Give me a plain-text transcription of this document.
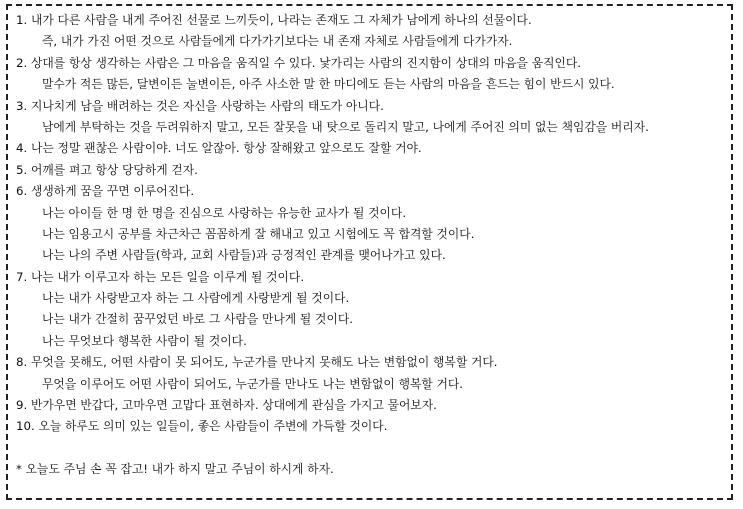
1. 내가 다른 사람을 내게 주어진 선물로 느끼듯이, 나라는 존재도 그 자체가 남에게 하나의 선물이다.
즉, 내가 가진 어떤 것으로 사람들에게 다가가기보다는 내 존재 자체로 사람들에게 다가가자.
2. 상대를 항상 생각하는 사람은 그 마음을 움직일 수 있다. 낯가리는 사람의 진지함이 상대의 마음을 움직인다.
말수가 적든 많든, 달변이든 눌변이든, 아주 사소한 말 한 마디에도 듣는 사람의 마음을 흔드는 힘이 반드시 있다.
3. 지나치게 남을 배려하는 것은 자신을 사랑하는 사람의 태도가 아니다.
남에게 부탁하는 것을 두려워하지 말고, 모든 잘못을 내 탓으로 돌리지 말고, 나에게 주어진 의미 없는 책임감을 버리자.
4. 나는 정말 괜찮은 사람이야. 너도 알잖아. 항상 잘해왔고 앞으로도 잘할 거야.
5. 어깨를 펴고 항상 당당하게 걷자.
6. 생생하게 꿈을 꾸면 이루어진다.
나는 아이들 한 명 한 명을 진심으로 사랑하는 유능한 교사가 될 것이다.
나는 임용고시 공부를 차근차근 꼼꼼하게 잘 해내고 있고 시험에도 꼭 합격할 것이다.
나는 나의 주변 사람들(학과, 교회 사람들)과 긍정적인 관계를 맺어나가고 있다.
7. 나는 내가 이루고자 하는 모든 일을 이루게 될 것이다.
나는 내가 사랑받고자 하는 그 사람에게 사랑받게 될 것이다.
나는 내가 간절히 꿈꾸었던 바로 그 사람을 만나게 될 것이다.
나는 무엇보다 행복한 사람이 될 것이다.
8. 무엇을 못해도, 어떤 사람이 못 되어도, 누군가를 만나지 못해도 나는 변함없이 행복할 거다.
무엇을 이루어도 어떤 사람이 되어도, 누군가를 만나도 나는 변함없이 행복할 거다.
9. 반가우면 반갑다, 고마우면 고맙다 표현하자. 상대에게 관심을 가지고 물어보자.
10. 오늘 하루도 의미 있는 일들이, 좋은 사람들이 주변에 가득할 것이다.
* 오늘도 주님 손 꼭 잡고! 내가 하지 말고 주님이 하시게 하자.
